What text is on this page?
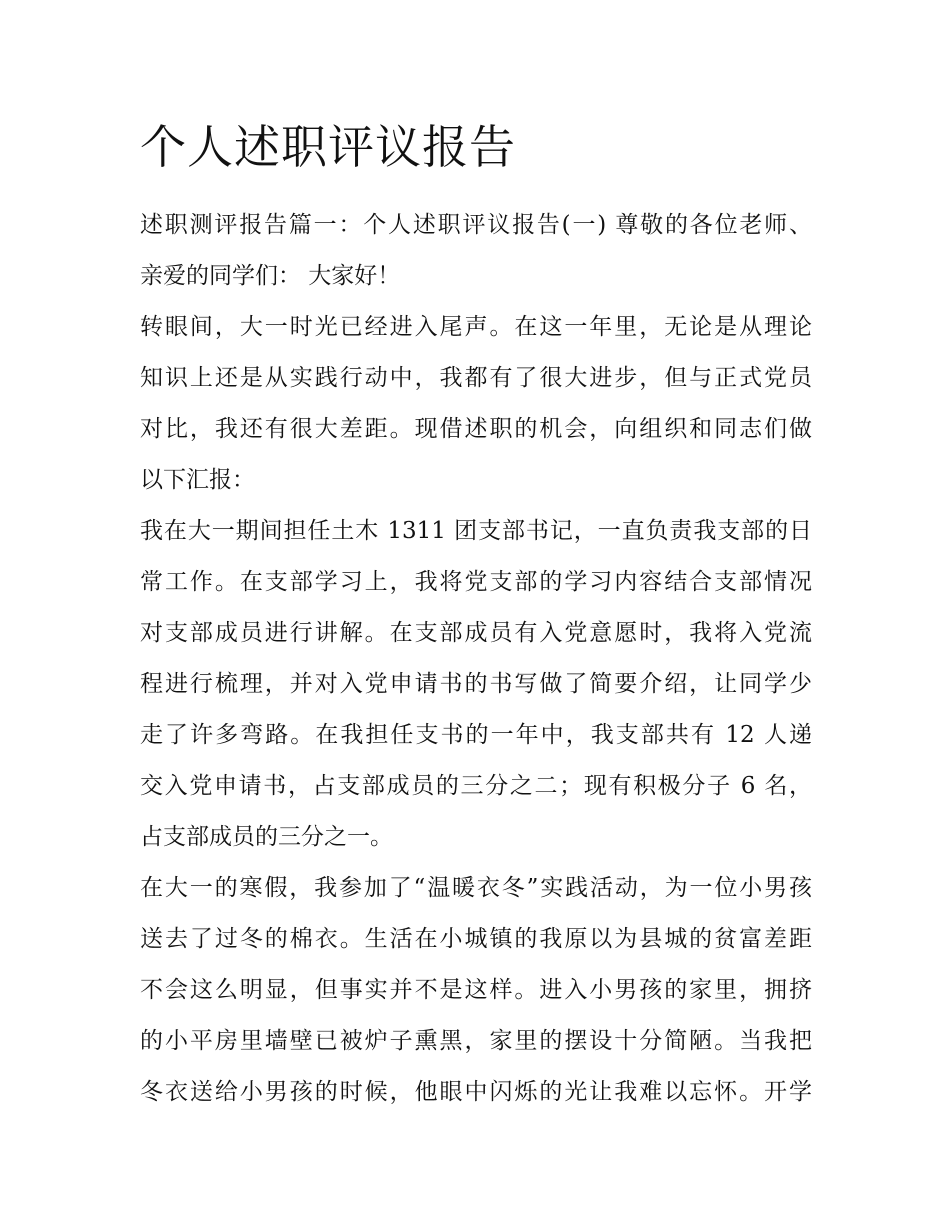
个人述职评议报告

述职测评报告篇一：个人述职评议报告(一) 尊敬的各位老师、
亲爱的同学们： 大家好！

转眼间，大一时光已经进入尾声。在这一年里，无论是从理论
知识上还是从实践行动中，我都有了很大进步，但与正式党员
对比，我还有很大差距。现借述职的机会，向组织和同志们做
以下汇报：

我在大一期间担任土木 1311 团支部书记，一直负责我支部的日
常工作。在支部学习上，我将党支部的学习内容结合支部情况
对支部成员进行讲解。在支部成员有入党意愿时，我将入党流
程进行梳理，并对入党申请书的书写做了简要介绍，让同学少
走了许多弯路。在我担任支书的一年中，我支部共有 12 人递
交入党申请书，占支部成员的三分之二；现有积极分子 6 名，
占支部成员的三分之一。

在大一的寒假，我参加了“温暖衣冬”实践活动，为一位小男孩
送去了过冬的棉衣。生活在小城镇的我原以为县城的贫富差距
不会这么明显，但事实并不是这样。进入小男孩的家里，拥挤
的小平房里墙壁已被炉子熏黑，家里的摆设十分简陋。当我把
冬衣送给小男孩的时候，他眼中闪烁的光让我难以忘怀。开学
